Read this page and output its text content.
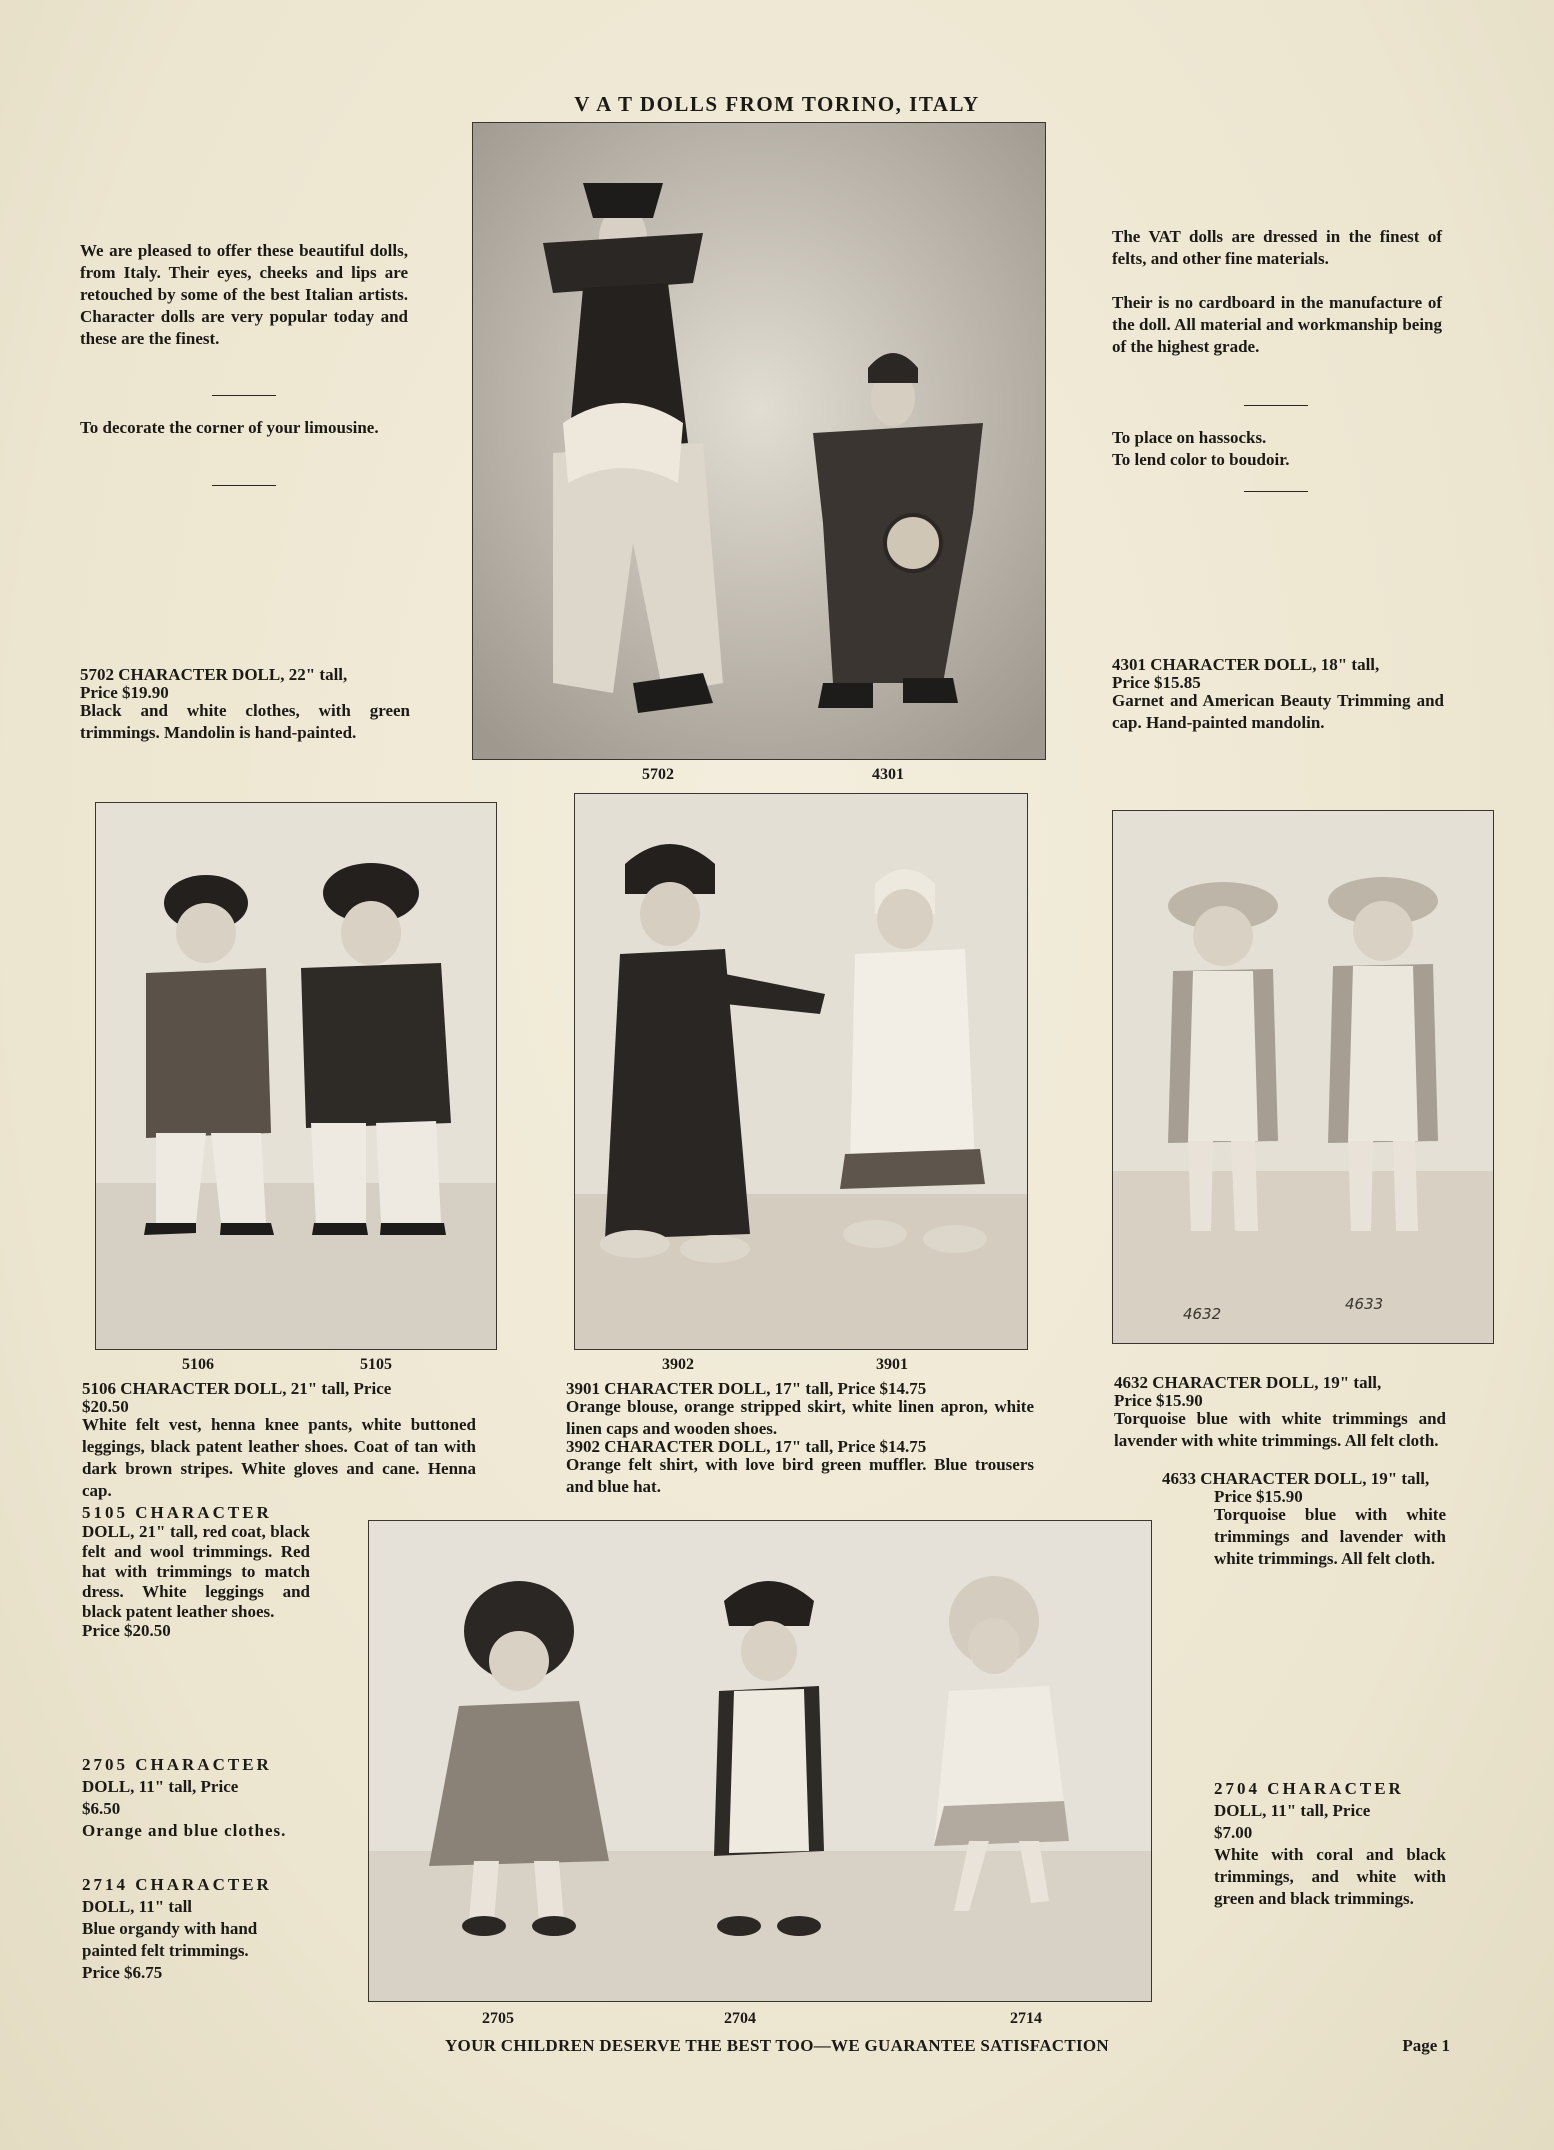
V A T DOLLS FROM TORINO, ITALY
We are pleased to offer these beautiful dolls, from Italy. Their eyes, cheeks and lips are retouched by some of the best Italian artists. Character dolls are very popular today and these are the finest.
To decorate the corner of your limousine.
The VAT dolls are dressed in the finest of felts, and other fine materials.
Their is no cardboard in the manufacture of the doll. All material and workmanship being of the highest grade.
To place on hassocks.
To lend color to boudoir.
5702	4301
5702 CHARACTER DOLL, 22" tall,
Price $19.90
Black and white clothes, with green trimmings. Mandolin is hand-painted.
4301 CHARACTER DOLL, 18" tall,
Price $15.85
Garnet and American Beauty Trimming and cap. Hand-painted mandolin.
5106	5105	3902	3901
4632
4633
5106 CHARACTER DOLL, 21" tall, Price
$20.50
White felt vest, henna knee pants, white buttoned leggings, black patent leather shoes. Coat of tan with dark brown stripes. White gloves and cane. Henna cap.
5105 CHARACTER
DOLL, 21" tall, red coat, black felt and wool trimmings. Red hat with trimmings to match dress. White leggings and black patent leather shoes.
Price $20.50
3901 CHARACTER DOLL, 17" tall, Price $14.75
Orange blouse, orange stripped skirt, white linen apron, white linen caps and wooden shoes.
3902 CHARACTER DOLL, 17" tall, Price $14.75
Orange felt shirt, with love bird green muffler. Blue trousers and blue hat.
4632 CHARACTER DOLL, 19" tall,
Price $15.90
Torquoise blue with white trimmings and lavender with white trimmings. All felt cloth.
4633 CHARACTER DOLL, 19" tall,
Price $15.90
Torquoise blue with white trimmings and lavender with white trimmings. All felt cloth.
2705	2704	2714
2705 CHARACTER
DOLL, 11" tall, Price
$6.50
Orange and blue clothes.
2714 CHARACTER
DOLL, 11" tall
Blue organdy with hand painted felt trimmings.
Price $6.75
2704 CHARACTER
DOLL, 11" tall, Price
$7.00
White with coral and black trimmings, and white with green and black trimmings.
YOUR CHILDREN DESERVE THE BEST TOO—WE GUARANTEE SATISFACTION	Page 1
